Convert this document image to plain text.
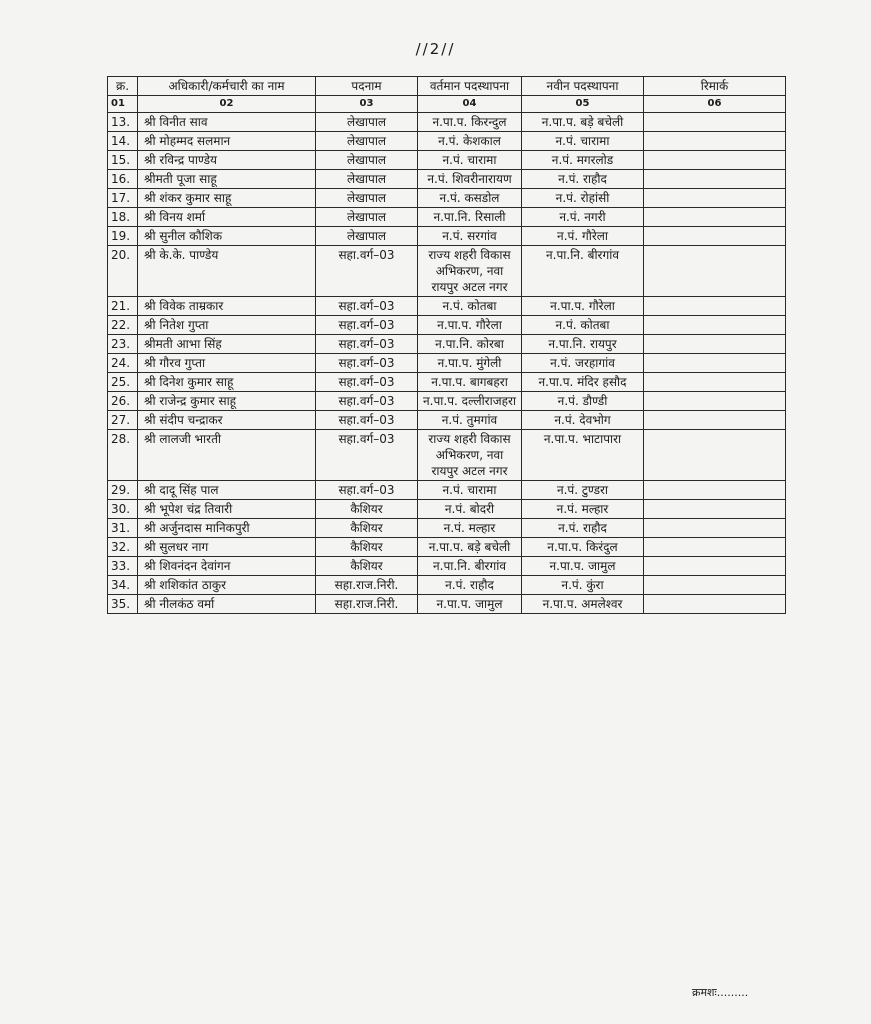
//2//
क्र.	अधिकारी/कर्मचारी का नाम	पदनाम	वर्तमान पदस्थापना	नवीन पदस्थापना	रिमार्क
01	02	03	04	05	06
13.	श्री विनीत साव	लेखापाल	न.पा.प. किरन्दुल	न.पा.प. बड़े बचेली	
14.	श्री मोहम्मद सलमान	लेखापाल	न.पं. केशकाल	न.पं. चारामा	
15.	श्री रविन्द्र पाण्डेय	लेखापाल	न.पं. चारामा	न.पं. मगरलोड	
16.	श्रीमती पूजा साहू	लेखापाल	न.पं. शिवरीनारायण	न.पं. राहौद	
17.	श्री शंकर कुमार साहू	लेखापाल	न.पं. कसडोल	न.पं. रोहांसी	
18.	श्री विनय शर्मा	लेखापाल	न.पा.नि. रिसाली	न.पं. नगरी	
19.	श्री सुनील कौशिक	लेखापाल	न.पं. सरगांव	न.पं. गौरेला	
20.	श्री के.के. पाण्डेय	सहा.वर्ग–03	राज्य शहरी विकास अभिकरण, नवा रायपुर अटल नगर	न.पा.नि. बीरगांव	
21.	श्री विवेक ताम्रकार	सहा.वर्ग–03	न.पं. कोतबा	न.पा.प. गौरेला	
22.	श्री नितेश गुप्ता	सहा.वर्ग–03	न.पा.प. गौरेला	न.पं. कोतबा	
23.	श्रीमती आभा सिंह	सहा.वर्ग–03	न.पा.नि. कोरबा	न.पा.नि. रायपुर	
24.	श्री गौरव गुप्ता	सहा.वर्ग–03	न.पा.प. मुंगेली	न.पं. जरहागांव	
25.	श्री दिनेश कुमार साहू	सहा.वर्ग–03	न.पा.प. बागबहरा	न.पा.प. मंदिर हसौद	
26.	श्री राजेन्द्र कुमार साहू	सहा.वर्ग–03	न.पा.प. दल्लीराजहरा	न.पं. डौण्डी	
27.	श्री संदीप चन्द्राकर	सहा.वर्ग–03	न.पं. तुमगांव	न.पं. देवभोग	
28.	श्री लालजी भारती	सहा.वर्ग–03	राज्य शहरी विकास अभिकरण, नवा रायपुर अटल नगर	न.पा.प. भाटापारा	
29.	श्री दादू सिंह पाल	सहा.वर्ग–03	न.पं. चारामा	न.पं. टुण्डरा	
30.	श्री भूपेश चंद्र तिवारी	कैशियर	न.पं. बोदरी	न.पं. मल्हार	
31.	श्री अर्जुनदास मानिकपुरी	कैशियर	न.पं. मल्हार	न.पं. राहौद	
32.	श्री सुलधर नाग	कैशियर	न.पा.प. बड़े बचेली	न.पा.प. किरंदुल	
33.	श्री शिवनंदन देवांगन	कैशियर	न.पा.नि. बीरगांव	न.पा.प. जामुल	
34.	श्री शशिकांत ठाकुर	सहा.राज.निरी.	न.पं. राहौद	न.पं. कुंरा	
35.	श्री नीलकंठ वर्मा	सहा.राज.निरी.	न.पा.प. जामुल	न.पा.प. अमलेश्वर	
क्रमशः.........
